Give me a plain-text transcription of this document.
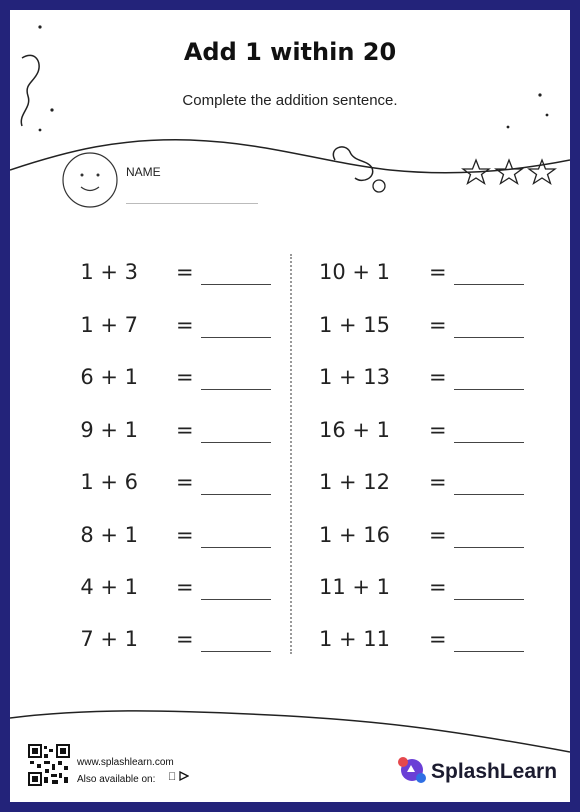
Add 1 within 20
Complete the addition sentence.
NAME
1 + 3 =
1 + 7 =
6 + 1 =
9 + 1 =
1 + 6 =
8 + 1 =
4 + 1 =
7 + 1 =
10 + 1 =
1 + 15 =
1 + 13 =
16 + 1 =
1 + 12 =
1 + 16 =
11 + 1 =
1 + 11 =
www.splashlearn.com
Also available on:	SplashLearn
